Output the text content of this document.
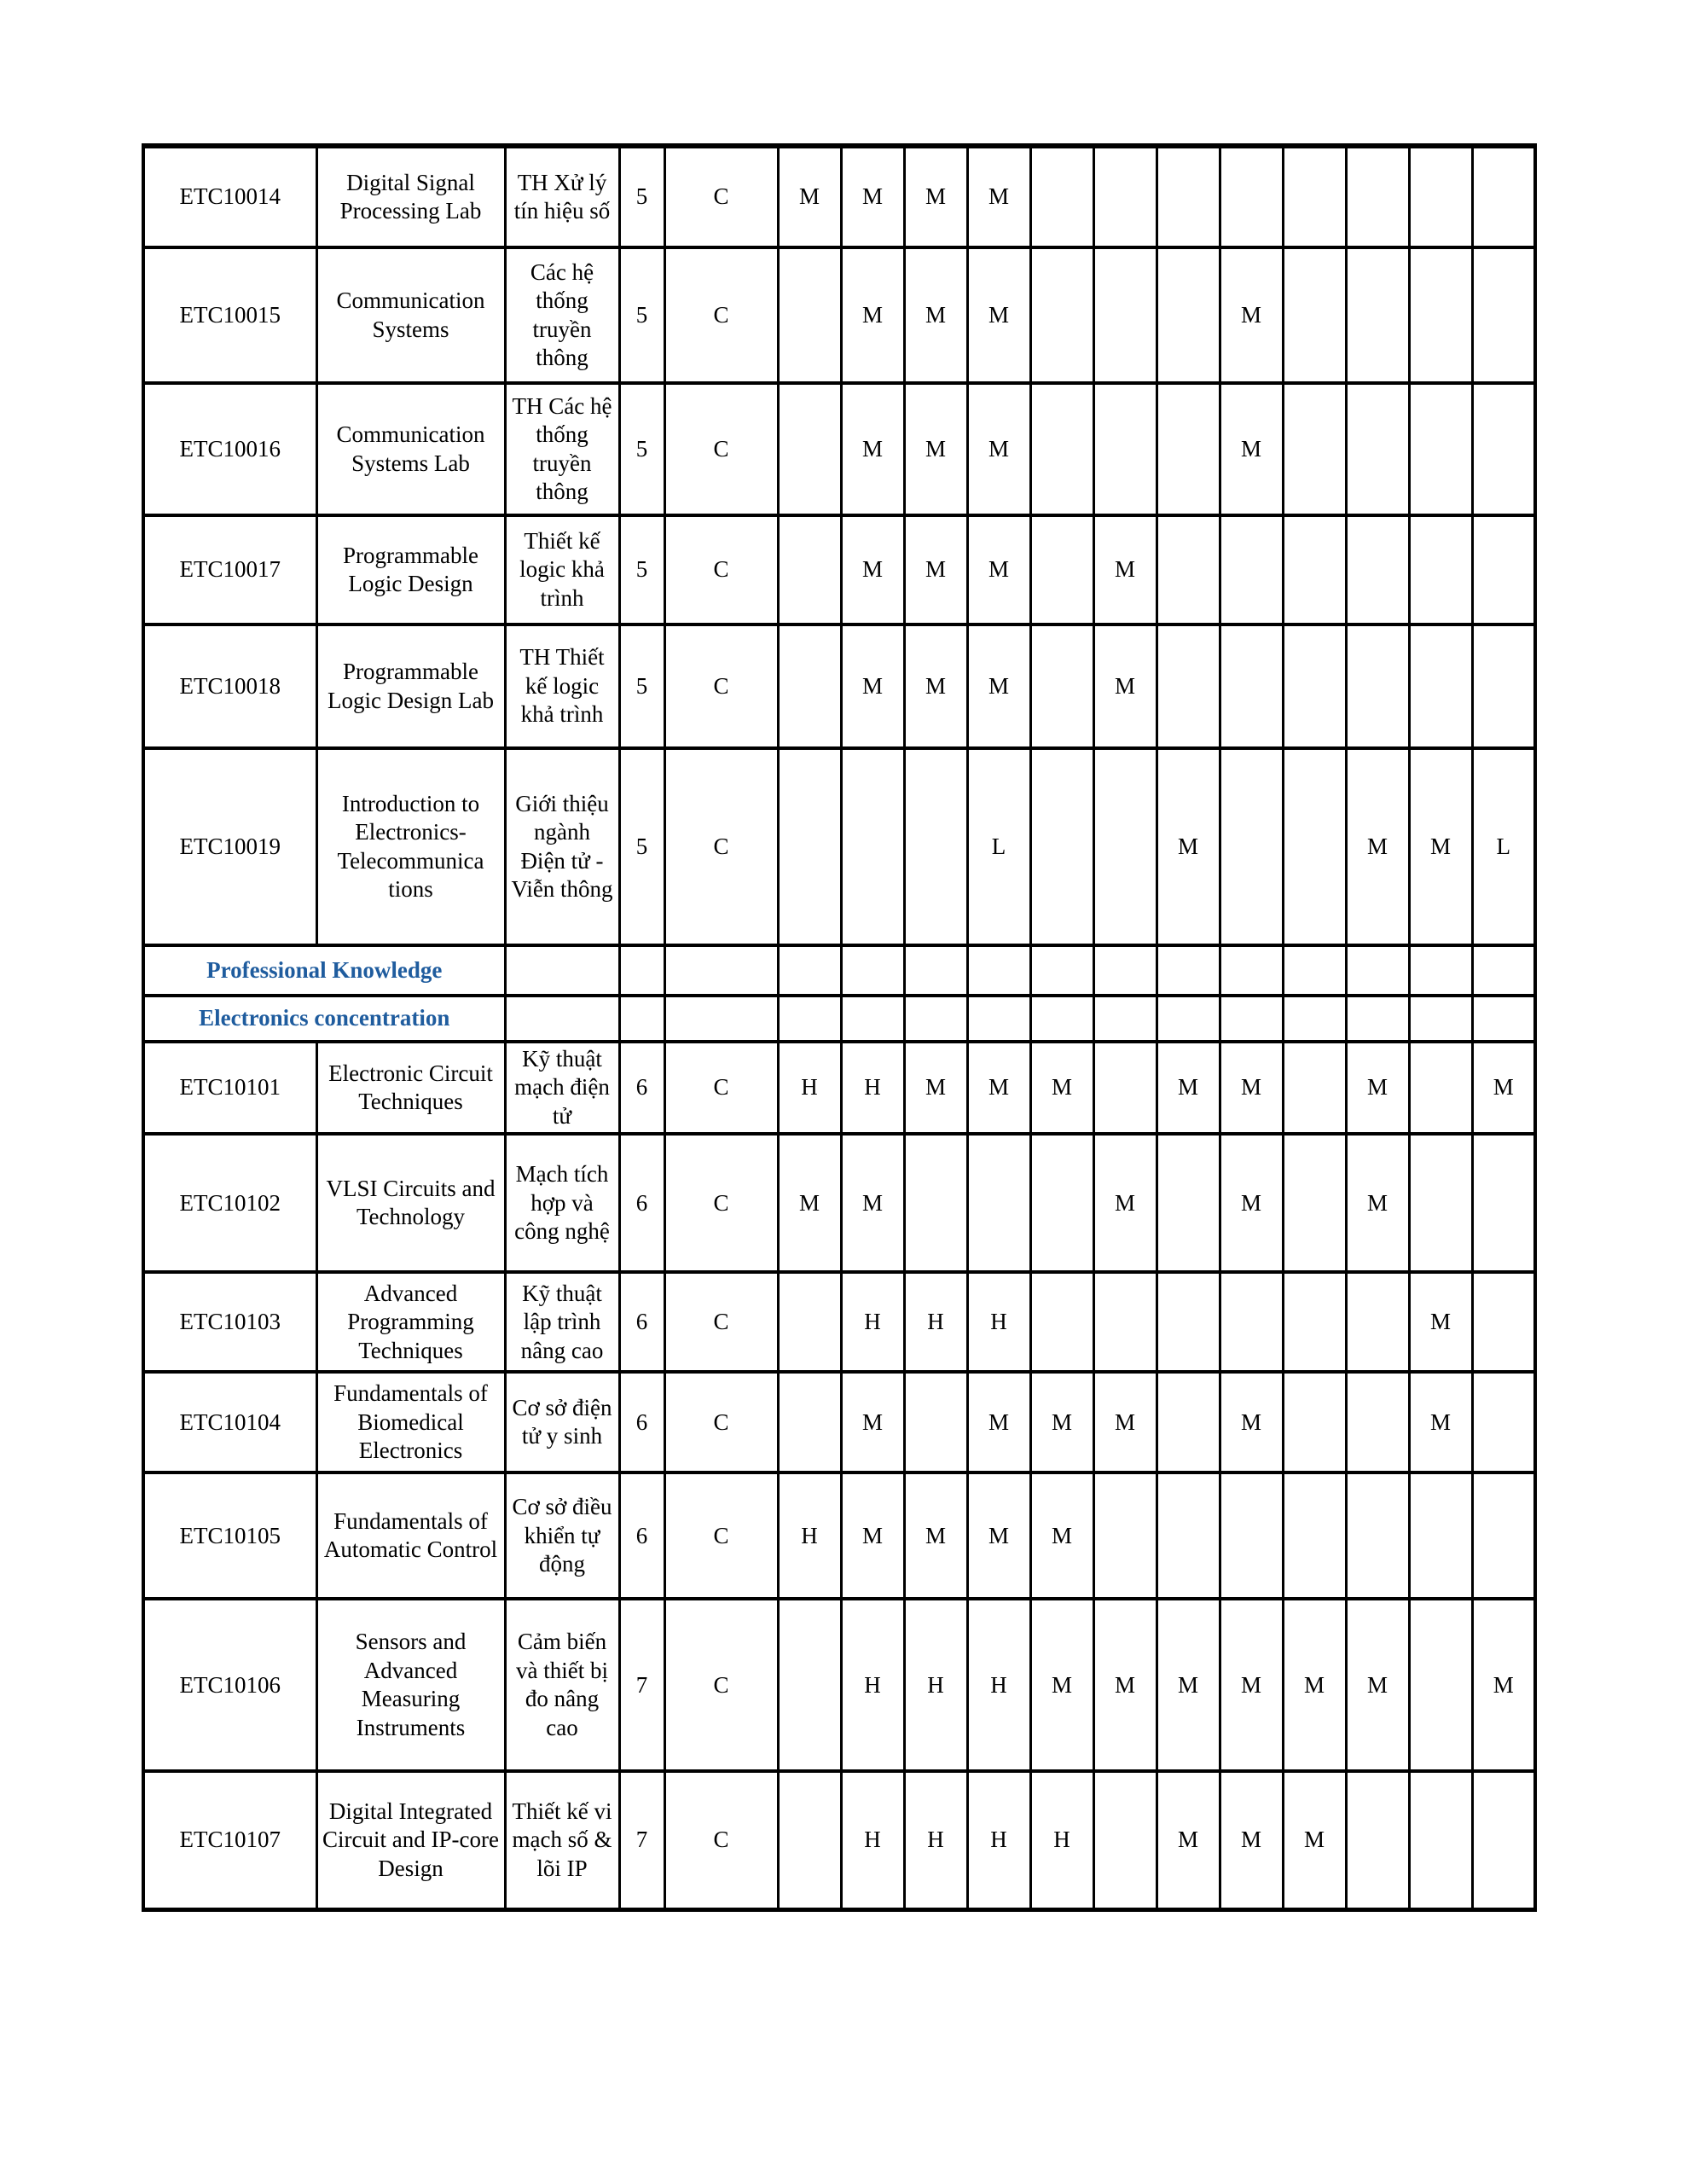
ETC10014	Digital Signal Processing Lab	TH Xử lý tín hiệu số	5	C	M	M	M	M								
ETC10015	Communication Systems	Các hệ thống truyền thông	5	C		M	M	M				M				
ETC10016	Communication Systems Lab	TH Các hệ thống truyền thông	5	C		M	M	M				M				
ETC10017	Programmable Logic Design	Thiết kế logic khả trình	5	C		M	M	M		M						
ETC10018	Programmable Logic Design Lab	TH Thiết kế logic khả trình	5	C		M	M	M		M						
ETC10019	Introduction to Electronics-Telecommunica tions	Giới thiệu ngành Điện tử - Viễn thông	5	C				L			M			M	M	L
Professional Knowledge																
Electronics concentration																
ETC10101	Electronic Circuit Techniques	Kỹ thuật mạch điện tử	6	C	H	H	M	M	M		M	M		M		M
ETC10102	VLSI Circuits and Technology	Mạch tích hợp và công nghệ	6	C	M	M				M		M		M		
ETC10103	Advanced Programming Techniques	Kỹ thuật lập trình nâng cao	6	C		H	H	H							M	
ETC10104	Fundamentals of Biomedical Electronics	Cơ sở điện tử y sinh	6	C		M		M	M	M		M			M	
ETC10105	Fundamentals of Automatic Control	Cơ sở điều khiển tự động	6	C	H	M	M	M	M							
ETC10106	Sensors and Advanced Measuring Instruments	Cảm biến và thiết bị đo nâng cao	7	C		H	H	H	M	M	M	M	M	M		M
ETC10107	Digital Integrated Circuit and IP-core Design	Thiết kế vi mạch số & lõi IP	7	C		H	H	H	H		M	M	M			
